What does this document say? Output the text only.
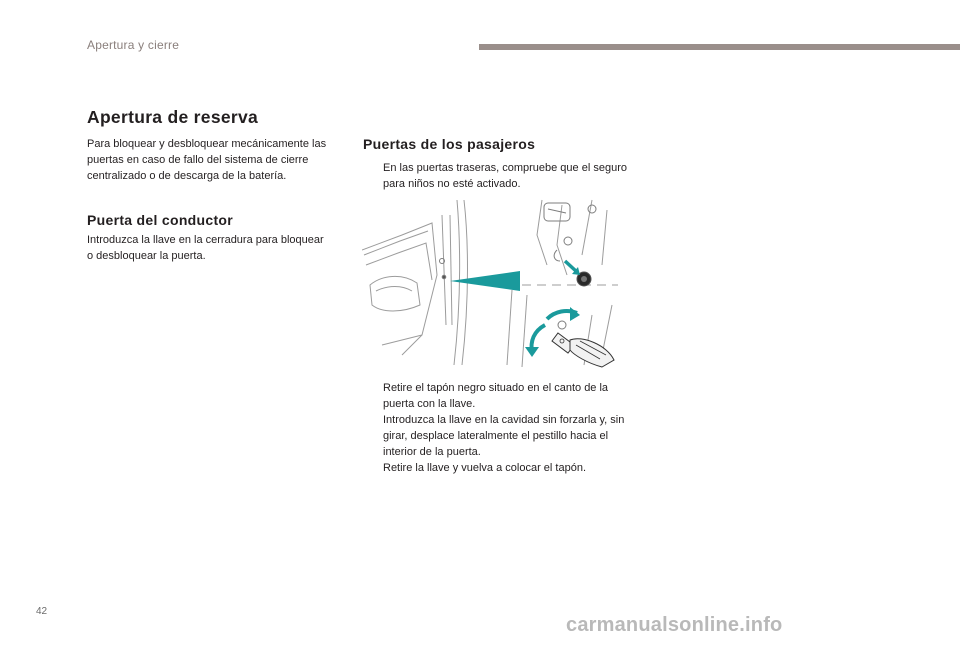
Apertura y cierre
Apertura de reserva
Para bloquear y desbloquear mecánicamente las puertas en caso de fallo del sistema de cierre centralizado o de descarga de la batería.
Puerta del conductor
Introduzca la llave en la cerradura para bloquear o desbloquear la puerta.
Puertas de los pasajeros
En las puertas traseras, compruebe que el seguro para niños no esté activado.
Retire el tapón negro situado en el canto de la puerta con la llave.
Introduzca la llave en la cavidad sin forzarla y, sin girar, desplace lateralmente el pestillo hacia el interior de la puerta.
Retire la llave y vuelva a colocar el tapón.
42
carmanualsonline.info
